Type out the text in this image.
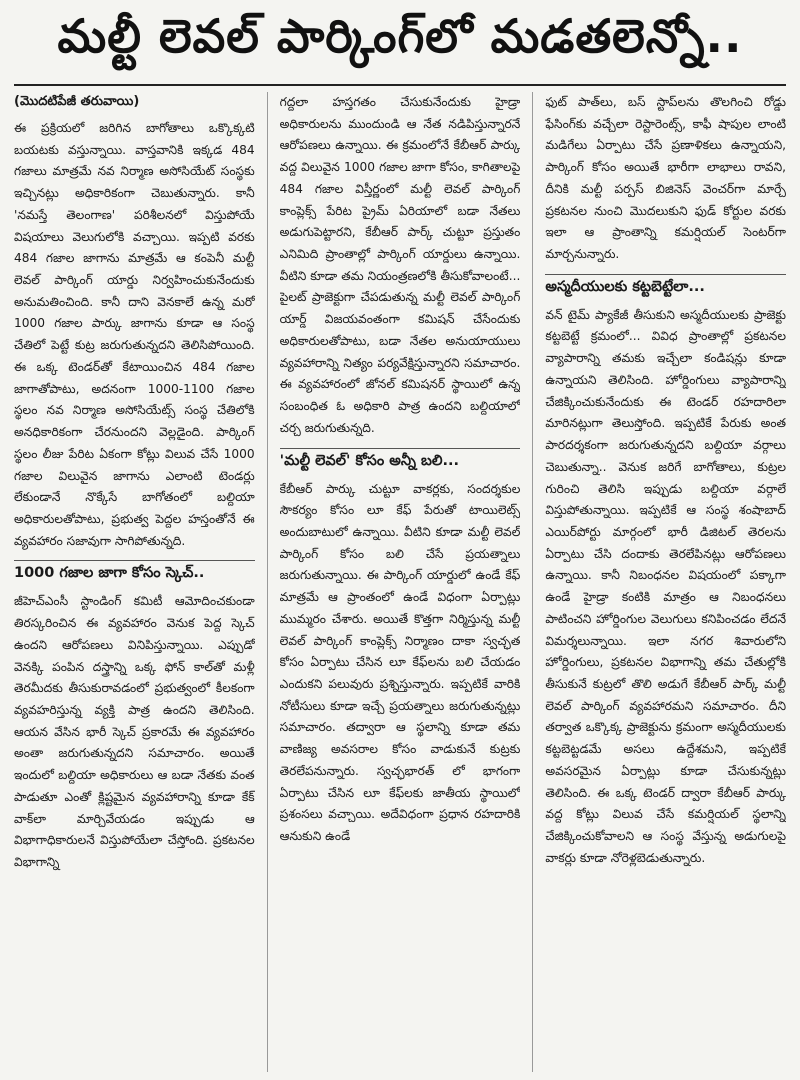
మల్టీ లెవల్ పార్కింగ్‌లో మడతలెన్నో..
(మొదటిపేజీ తరువాయి)

ఈ ప్రక్రియలో జరిగిన బాగోతాలు ఒక్కొక్కటి బయటకు వస్తున్నాయి. వాస్తవానికి ఇక్కడ 484 గజాలు మాత్రమే నవ నిర్మాణ అసోసియేట్ సంస్థకు ఇచ్చినట్లు అధికారికంగా చెబుతున్నారు. కానీ 'నమస్తే తెలంగాణ' పరిశీలనలో విస్తుపోయే విషయాలు వెలుగులోకి వచ్చాయి. ఇప్పటి వరకు 484 గజాల జాగాను మాత్రమే ఆ కంపెనీ మల్టీ లెవల్ పార్కింగ్ యార్డు నిర్వహించుకునేందుకు అనుమతించింది. కానీ దాని వెనకాలే ఉన్న మరో 1000 గజాల పార్కు జాగాను కూడా ఆ సంస్థ చేతిలో పెట్టే కుట్ర జరుగుతున్నదని తెలిసిపోయింది. ఈ ఒక్క టెండర్‌తో కేటాయించిన 484 గజాల జాగాతోపాటు, అదనంగా 1000-1100 గజాల స్థలం నవ నిర్మాణ అసోసియేట్స్ సంస్థ చేతిలోకి అనధికారికంగా చేరనుందని వెల్లడైంది. పార్కింగ్ స్థలం లీజు పేరిట ఏకంగా కోట్లు విలువ చేసే 1000 గజాల విలువైన జాగాను ఎలాంటి టెండర్లు లేకుండానే నొక్కేసే బాగోతంలో బల్దియా అధికారులతోపాటు, ప్రభుత్వ పెద్దల హస్తంతోనే ఈ వ్యవహారం సజావుగా సాగిపోతున్నది.

1000 గజాల జాగా కోసం స్కెచ్..

జీహెచ్‌ఎంసీ స్టాండింగ్ కమిటీ ఆమోదించకుండా తిరస్కరించిన ఈ వ్యవహారం వెనుక పెద్ద స్కెచ్ ఉందని ఆరోపణలు వినిపిస్తున్నాయి. ఎప్పుడో వెనక్కి పంపిన దస్త్రాన్ని ఒక్క ఫోన్ కాల్‌తో మళ్లీ తెరమీదకు తీసుకురావడంలో ప్రభుత్వంలో కీలకంగా వ్యవహరిస్తున్న వ్యక్తి పాత్ర ఉందని తెలిసింది. ఆయన వేసిన భారీ స్కెచ్ ప్రకారమే ఈ వ్యవహారం అంతా జరుగుతున్నదని సమాచారం. అయితే ఇందులో బల్దియా అధికారులు ఆ బడా నేతకు వంత పాడుతూ ఎంతో క్లిష్టమైన వ్యవహారాన్ని కూడా కేక్ వాక్‌లా మార్చివేయడం ఇప్పుడు ఆ విభాగాధికారులనే విస్తుపోయేలా చేస్తోంది. ప్రకటనల విభాగాన్ని

గద్దలా హస్తగతం చేసుకునేందుకు హైడ్రా అధికారులను ముందుండి ఆ నేత నడిపిస్తున్నారనే ఆరోపణలు ఉన్నాయి. ఈ క్రమంలోనే కేబీఆర్ పార్కు వద్ద విలువైన 1000 గజాల జాగా కోసం, కాగితాలపై 484 గజాల విస్తీర్ణంలో మల్టీ లెవల్ పార్కింగ్ కాంప్లెక్స్ పేరిట ప్రైమ్ ఏరియాలో బడా నేతలు అడుగుపెట్టారని, కేబీఆర్ పార్క్ చుట్టూ ప్రస్తుతం ఎనిమిది ప్రాంతాల్లో పార్కింగ్ యార్డులు ఉన్నాయి. వీటిని కూడా తమ నియంత్రణలోకి తీసుకోవాలంటే... పైలట్ ప్రాజెక్టుగా చేపడుతున్న మల్టీ లెవల్ పార్కింగ్ యార్డ్ విజయవంతంగా కమిషన్ చేసేందుకు అధికారులతోపాటు, బడా నేతల అనుయాయులు వ్యవహారాన్ని నిత్యం పర్యవేక్షిస్తున్నారని సమాచారం. ఈ వ్యవహారంలో జోనల్ కమిషనర్ స్థాయిలో ఉన్న సంబంధిత ఓ అధికారి పాత్ర ఉందని బల్దియాలో చర్చ జరుగుతున్నది.

'మల్టీ లెవల్' కోసం అన్నీ బలి...

కేబీఆర్ పార్కు చుట్టూ వాకర్లకు, సందర్శకుల సౌకర్యం కోసం లూ కేఫ్ పేరుతో టాయిలెట్స్ అందుబాటులో ఉన్నాయి. వీటిని కూడా మల్టీ లెవల్ పార్కింగ్ కోసం బలి చేసే ప్రయత్నాలు జరుగుతున్నాయి. ఈ పార్కింగ్ యార్డులో ఉండే కేఫ్ మాత్రమే ఆ ప్రాంతంలో ఉండే విధంగా ఏర్పాట్లు ముమ్మరం చేశారు. అయితే కొత్తగా నిర్మిస్తున్న మల్టీ లెవల్ పార్కింగ్ కాంప్లెక్స్ నిర్మాణం దాకా స్వచ్ఛత కోసం ఏర్పాటు చేసిన లూ కేఫ్‌లను బలి చేయడం ఎందుకని పలువురు ప్రశ్నిస్తున్నారు. ఇప్పటికే వారికి నోటీసులు కూడా ఇచ్చే ప్రయత్నాలు జరుగుతున్నట్లు సమాచారం. తద్వారా ఆ స్థలాన్ని కూడా తమ వాణిజ్య అవసరాల కోసం వాడుకునే కుట్రకు తెరలేపనున్నారు. స్వచ్ఛభారత్ లో భాగంగా ఏర్పాటు చేసిన లూ కేఫ్‌లకు జాతీయ స్థాయిలో ప్రశంసలు వచ్చాయి. అదేవిధంగా ప్రధాన రహదారికి ఆనుకుని ఉండే

ఫుట్ పాత్‌లు, బస్ స్టాప్‌లను తొలగించి రోడ్డు ఫేసింగ్‌కు వచ్చేలా రెస్టారెంట్స్, కాఫీ షాపుల లాంటి మడిగేలు ఏర్పాటు చేసే ప్రణాళికలు ఉన్నాయని, పార్కింగ్ కోసం అయితే భారీగా లాభాలు రావని, దీనికి మల్టీ పర్పస్ బిజినెస్ వెంచర్‌గా మార్చే ప్రకటనల నుంచి మొదలుకుని ఫుడ్ కోర్టుల వరకు ఇలా ఆ ప్రాంతాన్ని కమర్షియల్ సెంటర్‌గా మార్చనున్నారు.

అస్మదీయులకు కట్టబెట్టేలా...

వన్ టైమ్ ప్యాకేజీ తీసుకుని అస్మదీయులకు ప్రాజెక్టు కట్టబెట్టే క్రమంలో... వివిధ ప్రాంతాల్లో ప్రకటనల వ్యాపారాన్ని తమకు ఇచ్చేలా కండిషన్లు కూడా ఉన్నాయని తెలిసింది. హోర్డింగులు వ్యాపారాన్ని చేజిక్కించుకునేందుకు ఈ టెండర్ రహదారిలా మారినట్లుగా తెలుస్తోంది. ఇప్పటికే పేరుకు అంత పారదర్శకంగా జరుగుతున్నదని బల్దియా వర్గాలు చెబుతున్నా.. వెనుక జరిగే బాగోతాలు, కుట్రల గురించి తెలిసి ఇప్పుడు బల్దియా వర్గాలే విస్తుపోతున్నాయి. ఇప్పటికే ఆ సంస్థ శంషాబాద్ ఎయిర్‌పోర్టు మార్గంలో భారీ డిజిటల్ తెరలను ఏర్పాటు చేసి దందాకు తెరలేపినట్లు ఆరోపణలు ఉన్నాయి. కానీ నిబంధనల విషయంలో పక్కాగా ఉండే హైడ్రా కంటికి మాత్రం ఆ నిబంధనలు పాటించని హోర్డింగుల వెలుగులు కనిపించడం లేదనే విమర్శలున్నాయి. ఇలా నగర శివారులోని హోర్డింగులు, ప్రకటనల విభాగాన్ని తమ చేతుల్లోకి తీసుకునే కుట్రలో తొలి అడుగే కేబీఆర్ పార్క్ మల్టీ లెవల్ పార్కింగ్ వ్యవహారమని సమాచారం. దీని తర్వాత ఒక్కొక్క ప్రాజెక్టును క్రమంగా అస్మదీయులకు కట్టబెట్టడమే అసలు ఉద్దేశమని, ఇప్పటికే అవసరమైన ఏర్పాట్లు కూడా చేసుకున్నట్లు తెలిసింది. ఈ ఒక్క టెండర్ ద్వారా కేబీఆర్ పార్కు వద్ద కోట్లు విలువ చేసే కమర్షియల్ స్థలాన్ని చేజిక్కించుకోవాలని ఆ సంస్థ వేస్తున్న అడుగులపై వాకర్లు కూడా నోరెళ్లబెడుతున్నారు.
